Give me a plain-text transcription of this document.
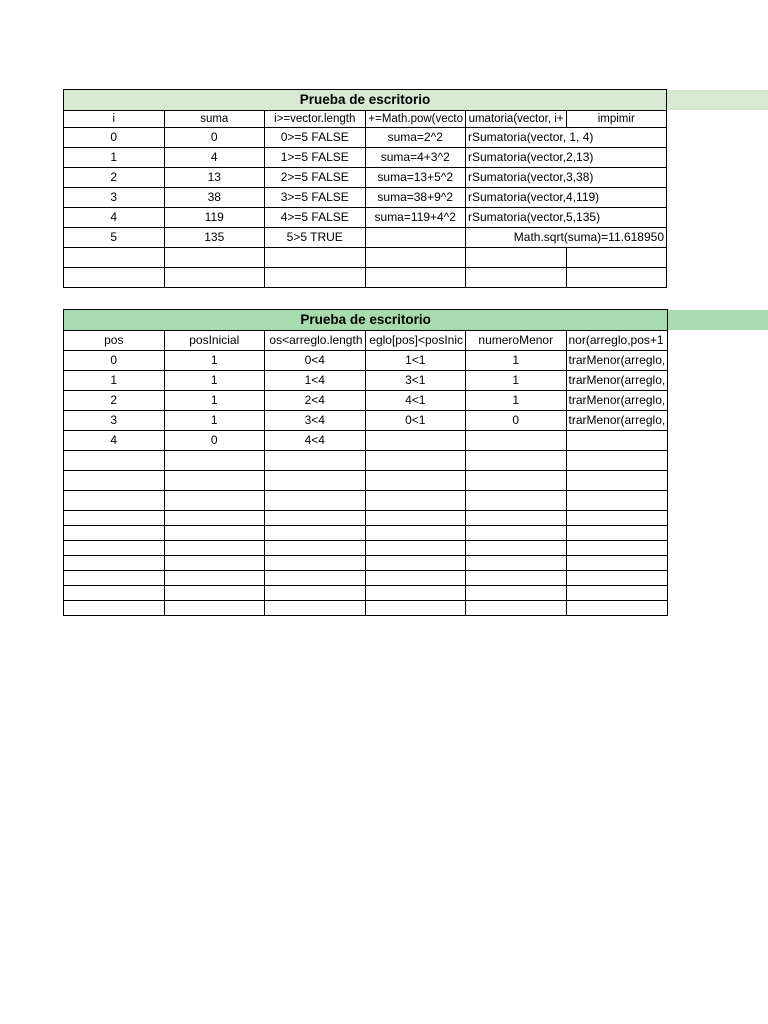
Prueba de escritorio					
i	suma	i>=vector.length	+=Math.pow(vecto	umatoria(vector, i+	impimir
0	0	0>=5 FALSE	suma=2^2	rSumatoria(vector, 1, 4)	
1	4	1>=5 FALSE	suma=4+3^2	rSumatoria(vector,2,13)	
2	13	2>=5 FALSE	suma=13+5^2	rSumatoria(vector,3,38)	
3	38	3>=5 FALSE	suma=38+9^2	rSumatoria(vector,4,119)	
4	119	4>=5 FALSE	suma=119+4^2	rSumatoria(vector,5,135)	
5	135	5>5 TRUE		Math.sqrt(suma)=11.618950	

Prueba de escritorio					
pos	posInicial	os<arreglo.length	eglo[pos]<posInic	numeroMenor	nor(arreglo,pos+1
0	1	0<4	1<1	1	trarMenor(arreglo,
1	1	1<4	3<1	1	trarMenor(arreglo,
2	1	2<4	4<1	1	trarMenor(arreglo,
3	1	3<4	0<1	0	trarMenor(arreglo,
4	0	4<4			
